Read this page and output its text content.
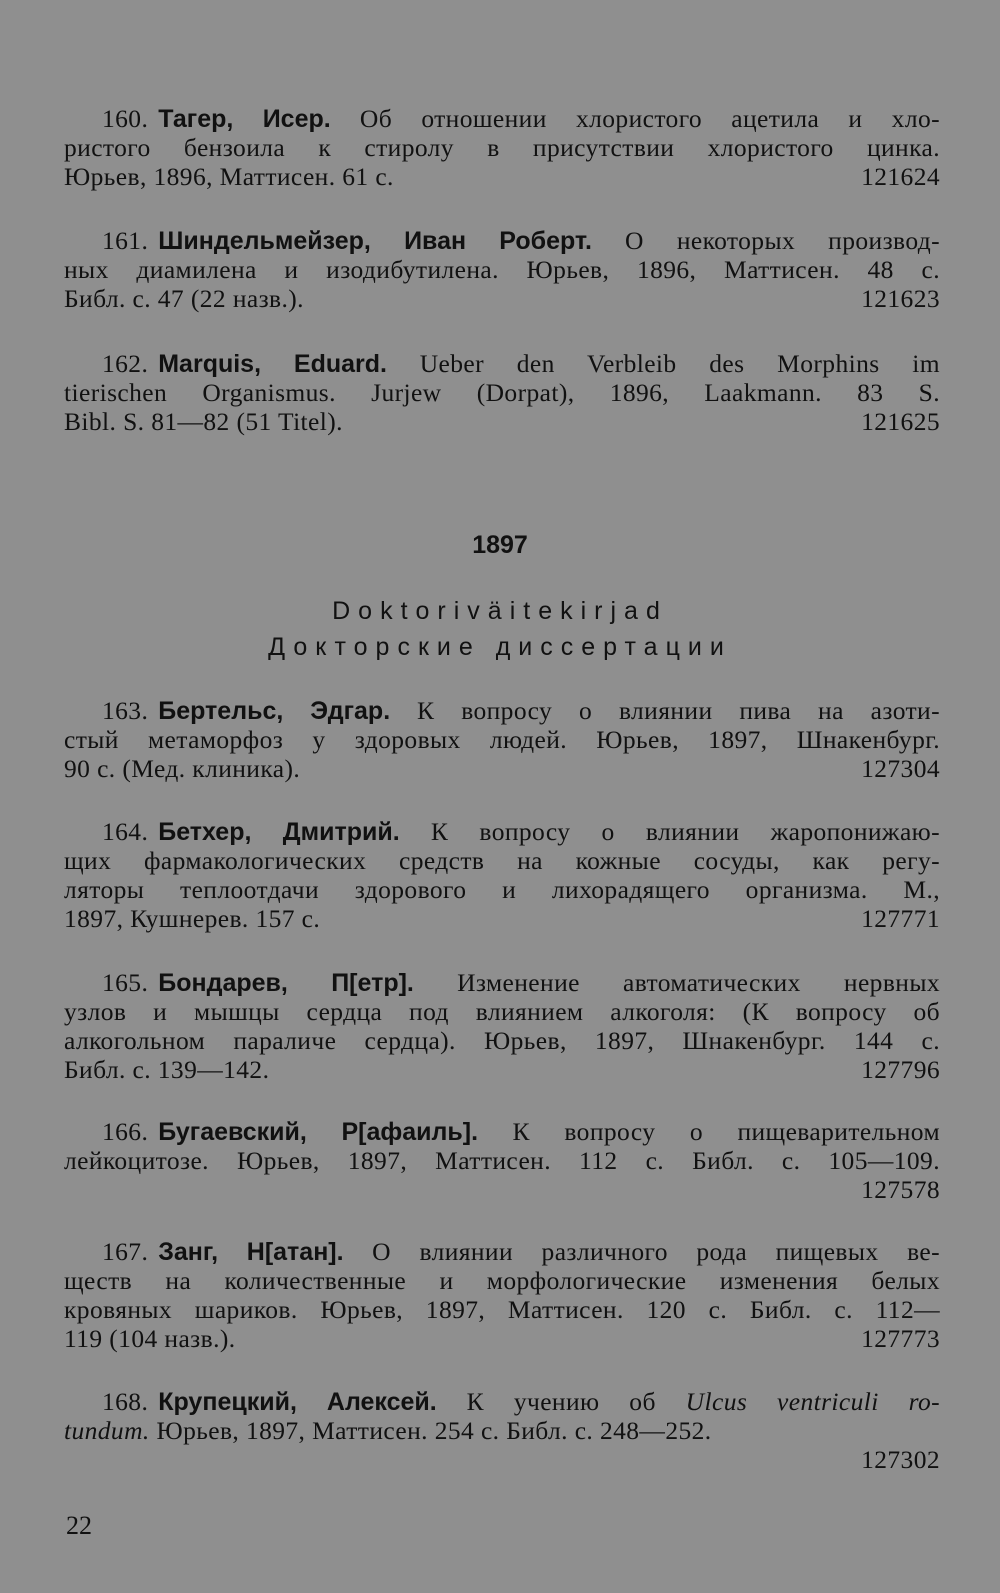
160. Тагер, Исер. Об отношении хлористого ацетила и хло-
ристого бензоила к стиролу в присутствии хлористого цинка.
Юрьев, 1896, Маттисен. 61 с.	121624
161. Шиндельмейзер, Иван Роберт. О некоторых производ-
ных диамилена и изодибутилена. Юрьев, 1896, Маттисен. 48 с.
Библ. с. 47 (22 назв.).	121623
162. Marquis, Eduard. Ueber den Verbleib des Morphins im
tierischen Organismus. Jurjew (Dorpat), 1896, Laakmann. 83 S.
Bibl. S. 81—82 (51 Titel).	121625
1897
Doktoriväitekirjad
Докторские диссертации
163. Бертельс, Эдгар. К вопросу о влиянии пива на азоти-
стый метаморфоз у здоровых людей. Юрьев, 1897, Шнакенбург.
90 с. (Мед. клиника).	127304
164. Бетхер, Дмитрий. К вопросу о влиянии жаропонижаю-
щих фармакологических средств на кожные сосуды, как регу-
ляторы теплоотдачи здорового и лихорадящего организма. М.,
1897, Кушнерев. 157 с.	127771
165. Бондарев, П[етр]. Изменение автоматических нервных
узлов и мышцы сердца под влиянием алкоголя: (К вопросу об
алкогольном параличе сердца). Юрьев, 1897, Шнакенбург. 144 с.
Библ. с. 139—142.	127796
166. Бугаевский, Р[афаиль]. К вопросу о пищеварительном
лейкоцитозе. Юрьев, 1897, Маттисен. 112 с. Библ. с. 105—109.
127578
167. Занг, Н[атан]. О влиянии различного рода пищевых ве-
ществ на количественные и морфологические изменения белых
кровяных шариков. Юрьев, 1897, Маттисен. 120 с. Библ. с. 112—
119 (104 назв.).	127773
168. Крупецкий, Алексей. К учению об Ulcus ventriculi ro-
tundum. Юрьев, 1897, Маттисен. 254 с. Библ. с. 248—252.
127302
22
